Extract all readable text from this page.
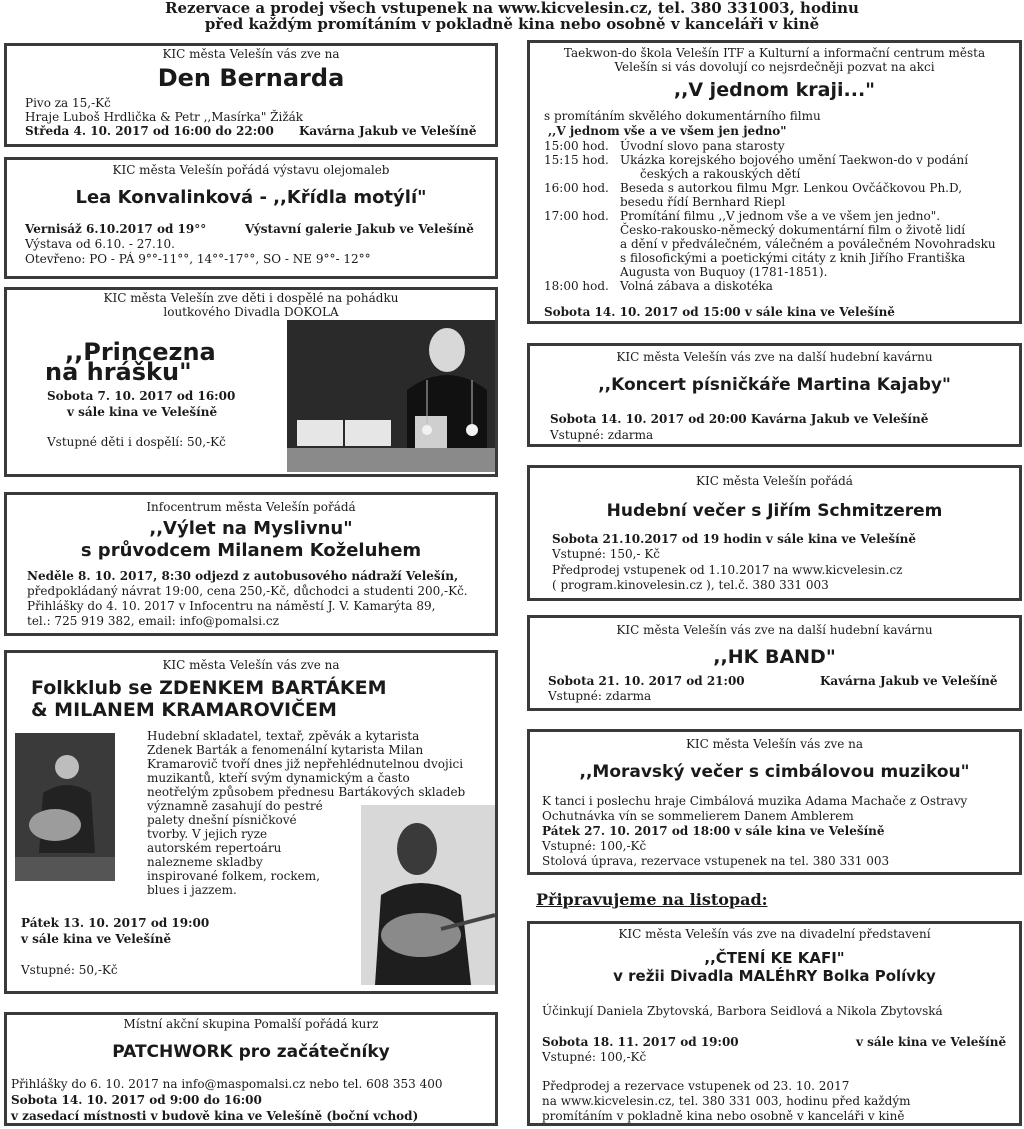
Rezervace a prodej všech vstupenek na www.kicvelesin.cz, tel. 380 331003, hodinu
před každým promítáním v pokladně kina nebo osobně v kanceláři v kině
KIC města Velešín vás zve na
Den Bernarda
Pivo za 15,-Kč
Hraje Luboš Hrdlička & Petr ,,Masírka" Žižák
Středa 4. 10. 2017 od 16:00 do 22:00 Kavárna Jakub ve Velešíně
KIC města Velešín pořádá výstavu olejomaleb
Lea Konvalinková - ,,Křídla motýlí"
Vernisáž 6.10.2017 od 19°°	Výstavní galerie Jakub ve Velešíně
Výstava od 6.10. - 27.10.
Otevřeno: PO - PÁ 9°°-11°°, 14°°-17°°, SO - NE 9°°- 12°°
KIC města Velešín zve děti i dospělé na pohádku
loutkového Divadla DOKOLA
,,Princezna
na hrášku"
Sobota 7. 10. 2017 od 16:00
v sále kina ve Velešíně
Vstupné děti i dospělí: 50,-Kč
Infocentrum města Velešín pořádá
,,Výlet na Myslivnu"
s průvodcem Milanem Koželuhem
Neděle 8. 10. 2017, 8:30 odjezd z autobusového nádraží Velešín,
předpokládaný návrat 19:00, cena 250,-Kč, důchodci a studenti 200,-Kč.
Přihlášky do 4. 10. 2017 v Infocentru na náměstí J. V. Kamarýta 89,
tel.: 725 919 382, email: info@pomalsi.cz
KIC města Velešín vás zve na
Folkklub se ZDENKEM BARTÁKEM
& MILANEM KRAMAROVIČEM
Hudební skladatel, textař, zpěvák a kytarista
Zdenek Barták a fenomenální kytarista Milan
Kramarovič tvoří dnes již nepřehlédnutelnou dvojici
muzikantů, kteří svým dynamickým a často
neotřelým způsobem přednesu Bartákových skladeb
významně zasahují do pestré
palety dnešní písničkové
tvorby. V jejich ryze
autorském repertoáru
nalezneme skladby
inspirované folkem, rockem,
blues i jazzem.
Pátek 13. 10. 2017 od 19:00
v sále kina ve Velešíně
Vstupné: 50,-Kč
Místní akční skupina Pomalší pořádá kurz
PATCHWORK pro začátečníky
Přihlášky do 6. 10. 2017 na info@maspomalsi.cz nebo tel. 608 353 400
Sobota 14. 10. 2017 od 9:00 do 16:00
v zasedací místnosti v budově kina ve Velešíně (boční vchod)
Taekwon-do škola Velešín ITF a Kulturní a informační centrum města
Velešín si vás dovolují co nejsrdečněji pozvat na akci
,,V jednom kraji..."
s promítáním skvělého dokumentárního filmu
,,V jednom vše a ve všem jen jedno"
15:00 hod. Úvodní slovo pana starosty
15:15 hod. Ukázka korejského bojového umění Taekwon-do v podání
českých a rakouských dětí
16:00 hod. Beseda s autorkou filmu Mgr. Lenkou Ovčáčkovou Ph.D,
besedu řídí Bernhard Riepl
17:00 hod. Promítání filmu ,,V jednom vše a ve všem jen jedno".
Česko-rakousko-německý dokumentární film o životě lidí
a dění v předválečném, válečném a poválečném Novohradsku
s filosofickými a poetickými citáty z knih Jiřího Františka
Augusta von Buquoy (1781-1851).
18:00 hod. Volná zábava a diskotéka
Sobota 14. 10. 2017 od 15:00 v sále kina ve Velešíně
KIC města Velešín vás zve na další hudební kavárnu
,,Koncert písničkáře Martina Kajaby"
Sobota 14. 10. 2017 od 20:00 Kavárna Jakub ve Velešíně
Vstupné: zdarma
KIC města Velešín pořádá
Hudební večer s Jiřím Schmitzerem
Sobota 21.10.2017 od 19 hodin v sále kina ve Velešíně
Vstupné: 150,- Kč
Předprodej vstupenek od 1.10.2017 na www.kicvelesin.cz
( program.kinovelesin.cz ), tel.č. 380 331 003
KIC města Velešín vás zve na další hudební kavárnu
,,HK BAND"
Sobota 21. 10. 2017 od 21:00	Kavárna Jakub ve Velešíně
Vstupné: zdarma
KIC města Velešín vás zve na
,,Moravský večer s cimbálovou muzikou"
K tanci i poslechu hraje Cimbálová muzika Adama Machače z Ostravy
Ochutnávka vín se sommelierem Danem Amblerem
Pátek 27. 10. 2017 od 18:00 v sále kina ve Velešíně
Vstupné: 100,-Kč
Stolová úprava, rezervace vstupenek na tel. 380 331 003
Připravujeme na listopad:
KIC města Velešín vás zve na divadelní představení
,,ČTENÍ KE KAFI"
v režii Divadla MALÉhRY Bolka Polívky
Účinkují Daniela Zbytovská, Barbora Seidlová a Nikola Zbytovská
Sobota 18. 11. 2017 od 19:00	v sále kina ve Velešíně
Vstupné: 100,-Kč
Předprodej a rezervace vstupenek od 23. 10. 2017
na www.kicvelesin.cz, tel. 380 331 003, hodinu před každým
promítáním v pokladně kina nebo osobně v kanceláři v kině
